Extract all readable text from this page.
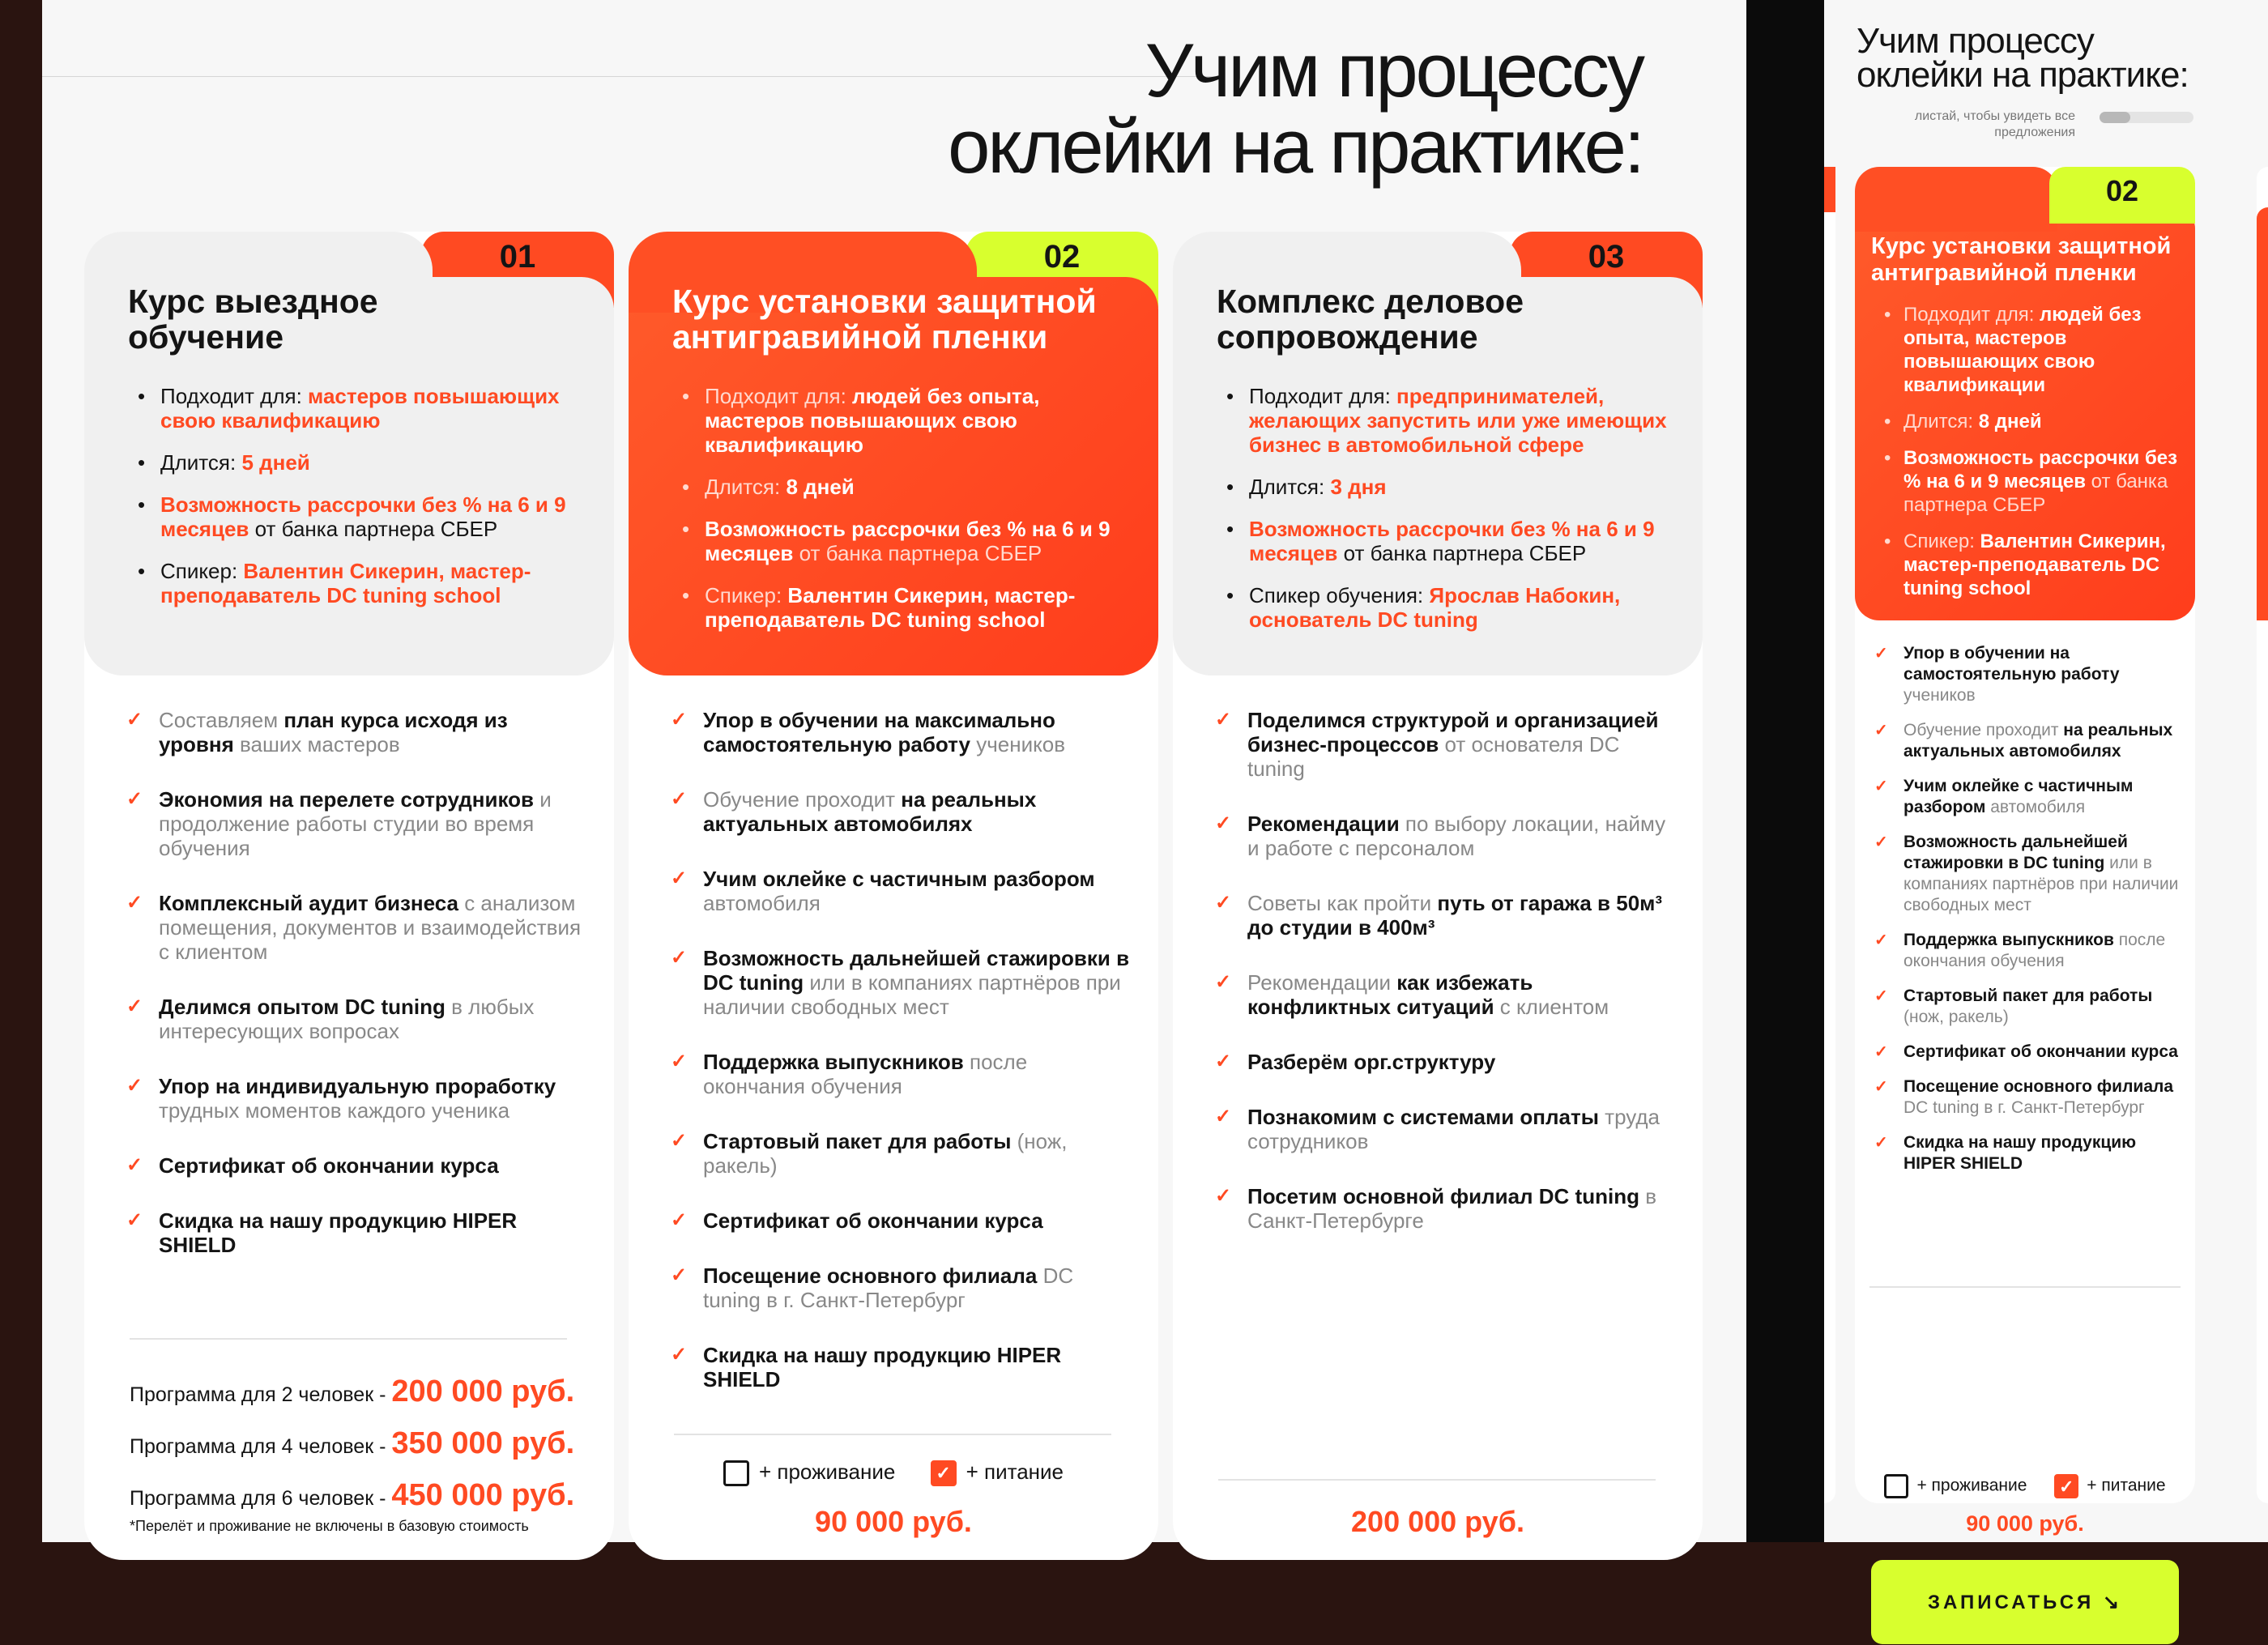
Учим процессу
оклейки на практике:
01
Курс выездное
обучение
• Подходит для: мастеров повышающих свою квалификацию
• Длится: 5 дней
• Возможность рассрочки без % на 6 и 9 месяцев от банка партнера СБЕР
• Спикер: Валентин Сикерин, мастер-преподаватель DC tuning school
✓ Составляем план курса исходя из уровня ваших мастеров
✓ Экономия на перелете сотрудников и продолжение работы студии во время обучения
✓ Комплексный аудит бизнеса с анализом помещения, документов и взаимодействия с клиентом
✓ Делимся опытом DC tuning в любых интересующих вопросах
✓ Упор на индивидуальную проработку трудных моментов каждого ученика
✓ Сертификат об окончании курса
✓ Скидка на нашу продукцию HIPER SHIELD
Программа для 2 человек - 200 000 руб.
Программа для 4 человек - 350 000 руб.
Программа для 6 человек - 450 000 руб.
*Перелёт и проживание не включены в базовую стоимость
02
Курс установки защитной
антигравийной пленки
• Подходит для: людей без опыта, мастеров повышающих свою квалификацию
• Длится: 8 дней
• Возможность рассрочки без % на 6 и 9 месяцев от банка партнера СБЕР
• Спикер: Валентин Сикерин, мастер-преподаватель DC tuning school
✓ Упор в обучении на максимально самостоятельную работу учеников
✓ Обучение проходит на реальных актуальных автомобилях
✓ Учим оклейке с частичным разбором автомобиля
✓ Возможность дальнейшей стажировки в DC tuning или в компаниях партнёров при наличии свободных мест
✓ Поддержка выпускников после окончания обучения
✓ Стартовый пакет для работы (нож, ракель)
✓ Сертификат об окончании курса
✓ Посещение основного филиала DC tuning в г. Санкт-Петербург
✓ Скидка на нашу продукцию HIPER SHIELD
+ проживание ✓ + питание
90 000 руб.
03
Комплекс деловое
сопровождение
• Подходит для: предпринимателей, желающих запустить или уже имеющих бизнес в автомобильной сфере
• Длится: 3 дня
• Возможность рассрочки без % на 6 и 9 месяцев от банка партнера СБЕР
• Спикер обучения: Ярослав Набокин, основатель DC tuning
✓ Поделимся структурой и организацией бизнес-процессов от основателя DC tuning
✓ Рекомендации по выбору локации, найму и работе с персоналом
✓ Советы как пройти путь от гаража в 50м³ до студии в 400м³
✓ Рекомендации как избежать конфликтных ситуаций с клиентом
✓ Разберём орг.структуру
✓ Познакомим с системами оплаты труда сотрудников
✓ Посетим основной филиал DC tuning в Санкт-Петербурге
200 000 руб.
Учим процессу
оклейки на практике:
листай, чтобы увидеть все предложения
Курс установки защитной
антигравийной пленки
• Подходит для: людей без опыта, мастеров повышающих свою квалификации
• Длится: 8 дней
• Возможность рассрочки без % на 6 и 9 месяцев от банка партнера СБЕР
• Спикер: Валентин Сикерин, мастер-преподаватель DC tuning school
02
✓ Упор в обучении на самостоятельную работу учеников
✓ Обучение проходит на реальных актуальных автомобилях
✓ Учим оклейке с частичным разбором автомобиля
✓ Возможность дальнейшей стажировки в DC tuning или в компаниях партнёров при наличии свободных мест
✓ Поддержка выпускников после окончания обучения
✓ Стартовый пакет для работы (нож, ракель)
✓ Сертификат об окончании курса
✓ Посещение основного филиала DC tuning в г. Санкт-Петербург
✓ Скидка на нашу продукцию HIPER SHIELD
+ проживание ✓ + питание
90 000 руб.
ЗАПИСАТЬСЯ ↘
